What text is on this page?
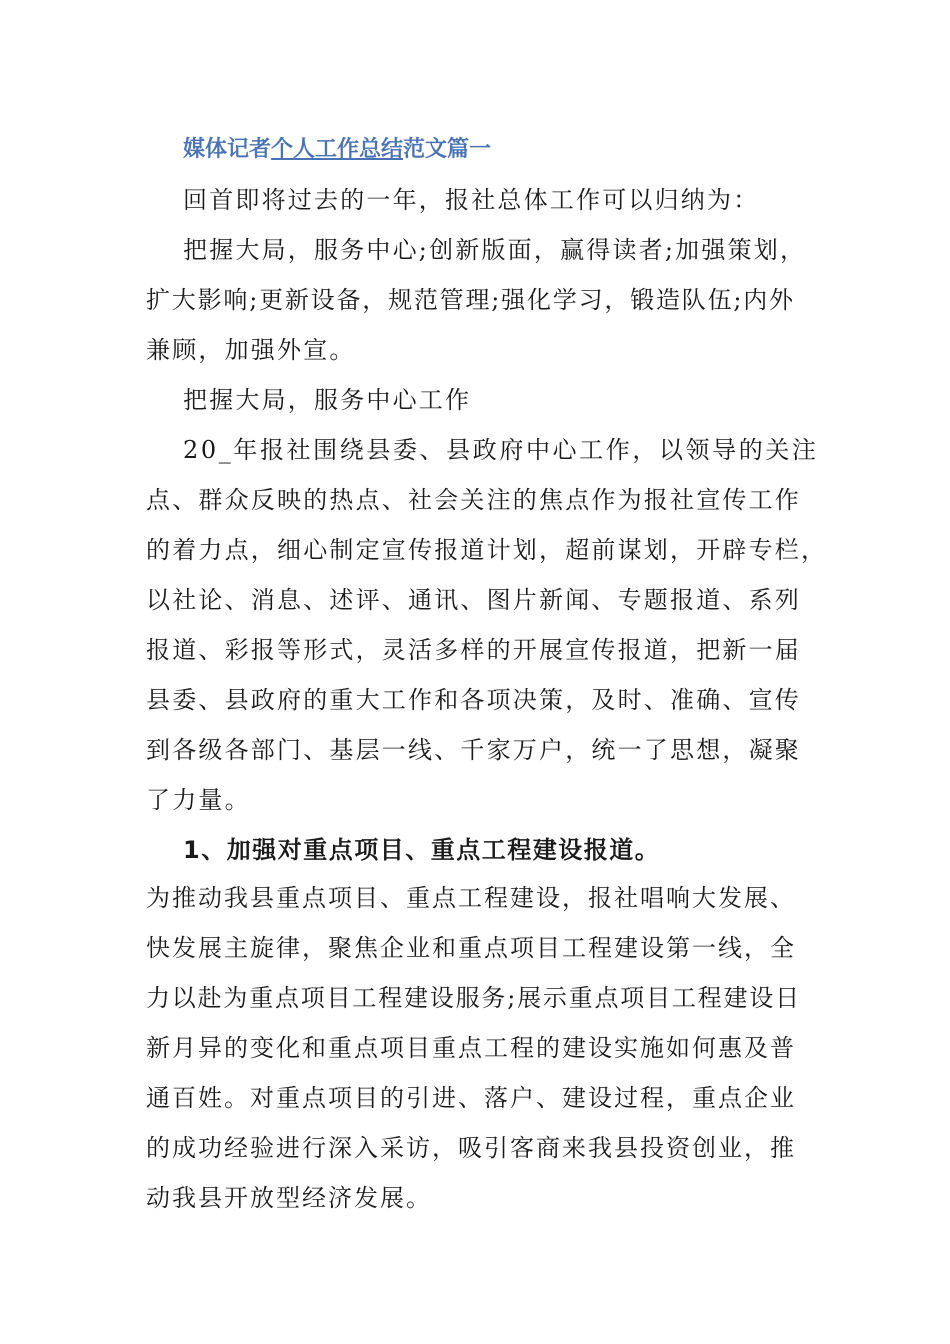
媒体记者个人工作总结范文篇一
回首即将过去的一年，报社总体工作可以归纳为：
把握大局，服务中心;创新版面，赢得读者;加强策划，
扩大影响;更新设备，规范管理;强化学习，锻造队伍;内外
兼顾，加强外宣。
把握大局，服务中心工作
20_年报社围绕县委、县政府中心工作，以领导的关注
点、群众反映的热点、社会关注的焦点作为报社宣传工作
的着力点，细心制定宣传报道计划，超前谋划，开辟专栏，
以社论、消息、述评、通讯、图片新闻、专题报道、系列
报道、彩报等形式，灵活多样的开展宣传报道，把新一届
县委、县政府的重大工作和各项决策，及时、准确、宣传
到各级各部门、基层一线、千家万户，统一了思想，凝聚
了力量。
1、加强对重点项目、重点工程建设报道。
为推动我县重点项目、重点工程建设，报社唱响大发展、
快发展主旋律，聚焦企业和重点项目工程建设第一线，全
力以赴为重点项目工程建设服务;展示重点项目工程建设日
新月异的变化和重点项目重点工程的建设实施如何惠及普
通百姓。对重点项目的引进、落户、建设过程，重点企业
的成功经验进行深入采访，吸引客商来我县投资创业，推
动我县开放型经济发展。
